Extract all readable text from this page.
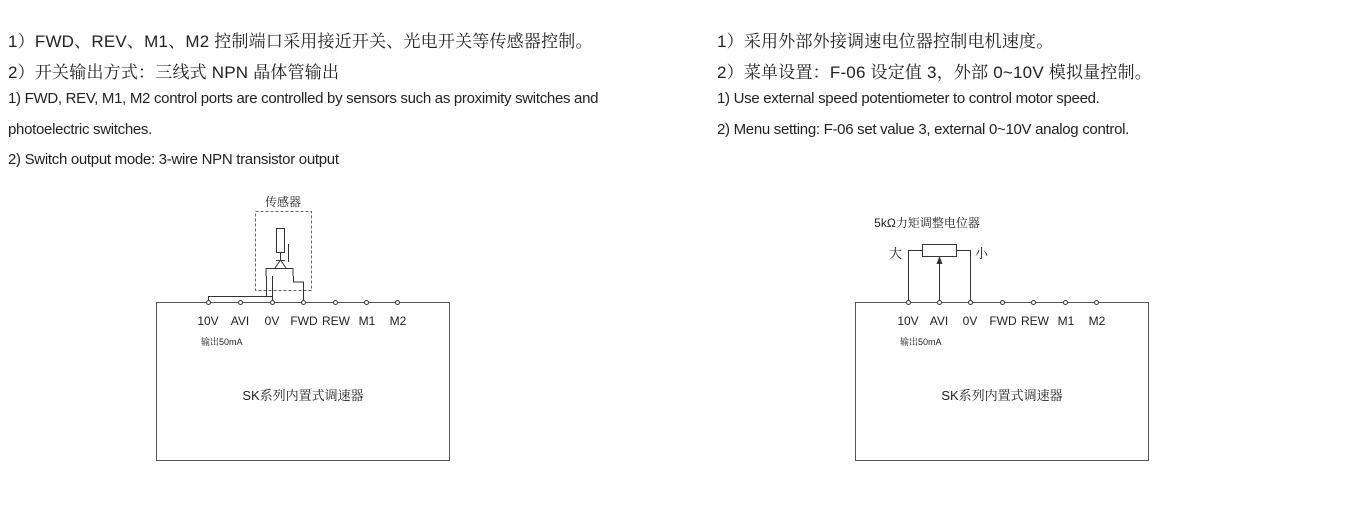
1）FWD、REV、M1、M2 控制端口采用接近开关、光电开关等传感器控制。
2）开关输出方式：三线式 NPN 晶体管输出
1) FWD, REV, M1, M2 control ports are controlled by sensors such as proximity switches and
photoelectric switches.
2) Switch output mode: 3-wire NPN transistor output
1）采用外部外接调速电位器控制电机速度。
2）菜单设置：F-06 设定值 3，外部 0~10V 模拟量控制。
1) Use external speed potentiometer to control motor speed.
2) Menu setting: F-06 set value 3, external 0~10V analog control.
传感器
10V AVI 0V FWD REW M1 M2
输出50mA
SK系列内置式调速器
5kΩ力矩调整电位器
大	小
10V AVI 0V FWD REW M1 M2
输出50mA
SK系列内置式调速器
